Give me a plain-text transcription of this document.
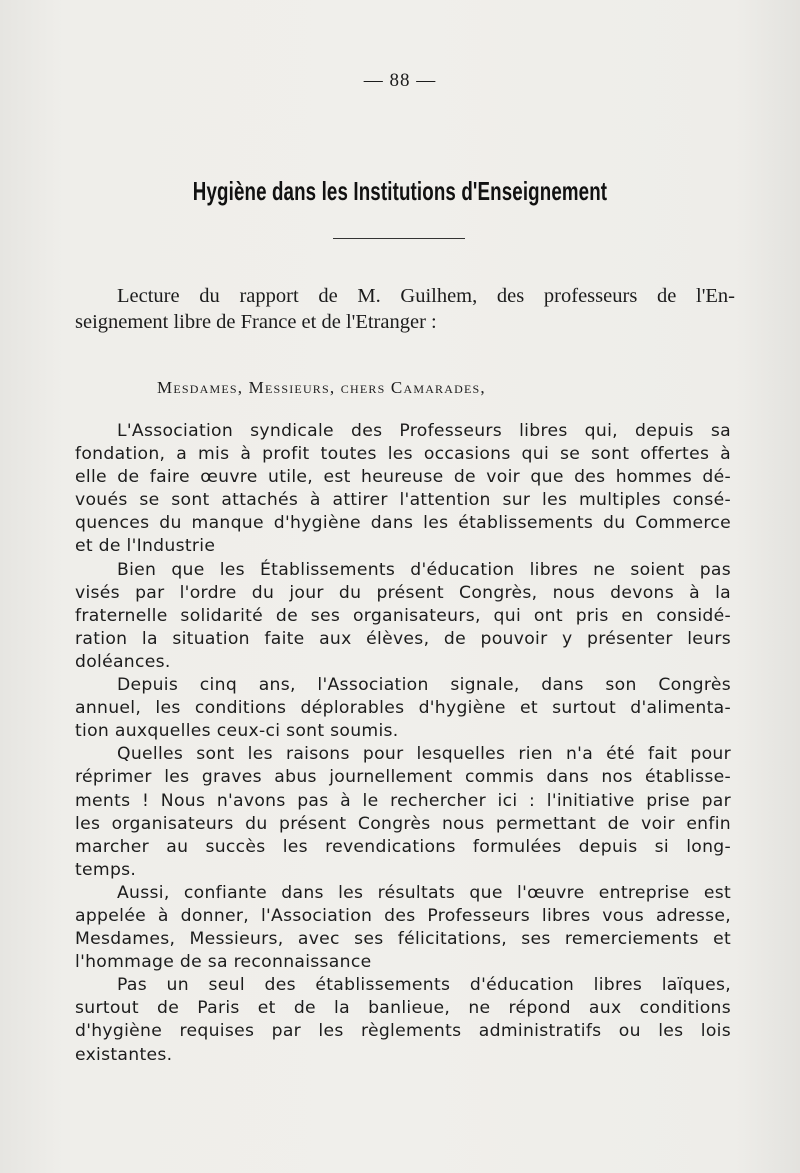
— 88 —
Hygiène dans les Institutions d'Enseignement
Lecture du rapport de M. Guilhem, des professeurs de l'En-
seignement libre de France et de l'Etranger :
Mesdames, Messieurs, chers Camarades,

L'Association syndicale des Professeurs libres qui, depuis sa
fondation, a mis à profit toutes les occasions qui se sont offertes à
elle de faire œuvre utile, est heureuse de voir que des hommes dé-
voués se sont attachés à attirer l'attention sur les multiples consé-
quences du manque d'hygiène dans les établissements du Commerce
et de l'Industrie

Bien que les Établissements d'éducation libres ne soient pas
visés par l'ordre du jour du présent Congrès, nous devons à la
fraternelle solidarité de ses organisateurs, qui ont pris en considé-
ration la situation faite aux élèves, de pouvoir y présenter leurs
doléances.

Depuis cinq ans, l'Association signale, dans son Congrès
annuel, les conditions déplorables d'hygiène et surtout d'alimenta-
tion auxquelles ceux-ci sont soumis.

Quelles sont les raisons pour lesquelles rien n'a été fait pour
réprimer les graves abus journellement commis dans nos établisse-
ments ! Nous n'avons pas à le rechercher ici : l'initiative prise par
les organisateurs du présent Congrès nous permettant de voir enfin
marcher au succès les revendications formulées depuis si long-
temps.

Aussi, confiante dans les résultats que l'œuvre entreprise est
appelée à donner, l'Association des Professeurs libres vous adresse,
Mesdames, Messieurs, avec ses félicitations, ses remerciements et
l'hommage de sa reconnaissance

Pas un seul des établissements d'éducation libres laïques,
surtout de Paris et de la banlieue, ne répond aux conditions
d'hygiène requises par les règlements administratifs ou les lois
existantes.
